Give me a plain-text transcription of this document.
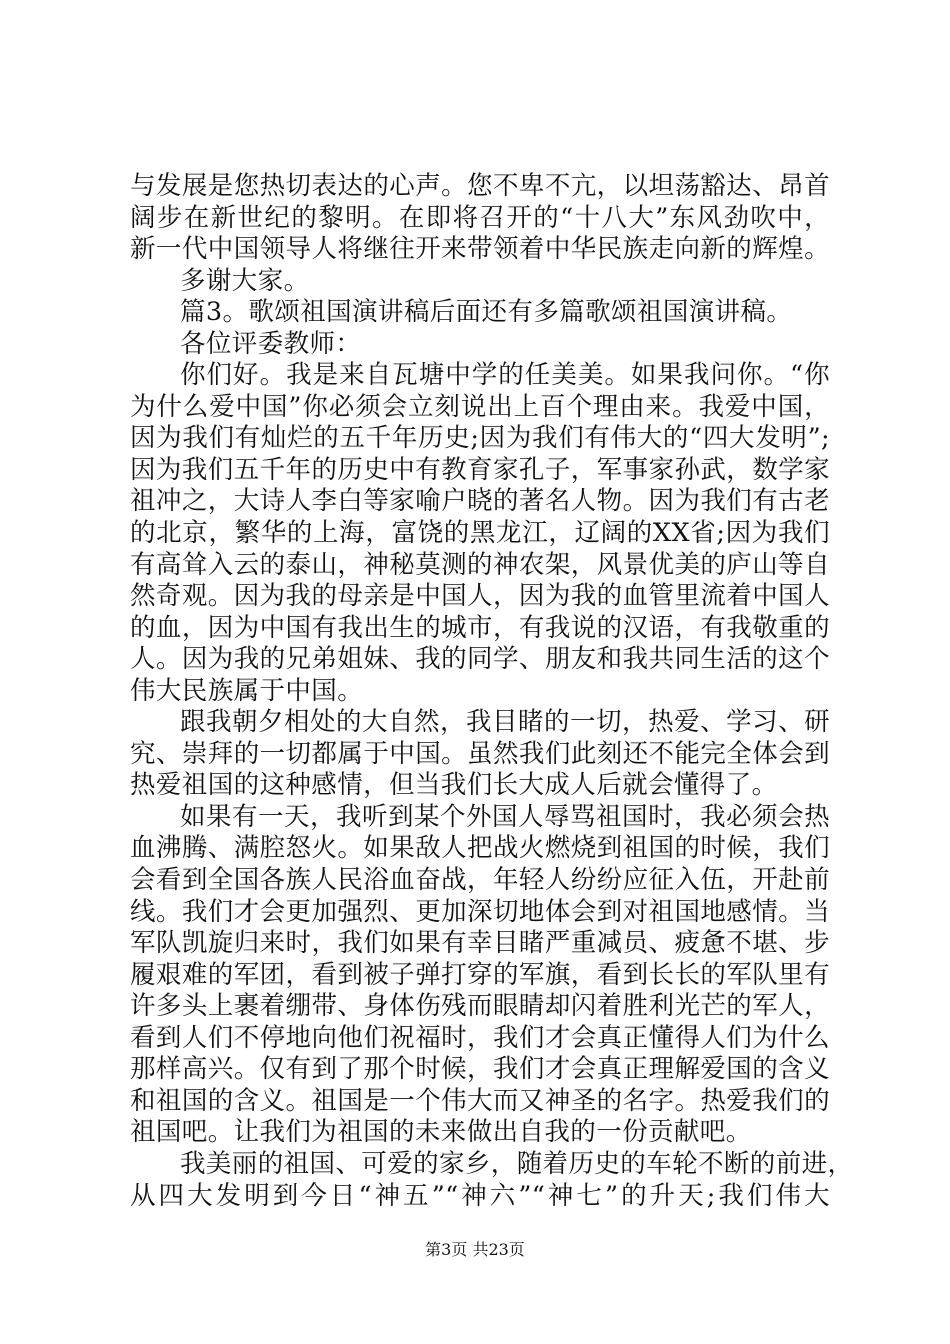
与发展是您热切表达的心声。您不卑不亢，以坦荡豁达、昂首
阔步在新世纪的黎明。在即将召开的“十八大”东风劲吹中，
新一代中国领导人将继往开来带领着中华民族走向新的辉煌。
多谢大家。
篇3。歌颂祖国演讲稿后面还有多篇歌颂祖国演讲稿。
各位评委教师：
你们好。我是来自瓦塘中学的任美美。如果我问你。“你
为什么爱中国”你必须会立刻说出上百个理由来。我爱中国，
因为我们有灿烂的五千年历史;因为我们有伟大的“四大发明”;
因为我们五千年的历史中有教育家孔子，军事家孙武，数学家
祖冲之，大诗人李白等家喻户晓的著名人物。因为我们有古老
的北京，繁华的上海，富饶的黑龙江，辽阔的XX省;因为我们
有高耸入云的泰山，神秘莫测的神农架，风景优美的庐山等自
然奇观。因为我的母亲是中国人，因为我的血管里流着中国人
的血，因为中国有我出生的城市，有我说的汉语，有我敬重的
人。因为我的兄弟姐妹、我的同学、朋友和我共同生活的这个
伟大民族属于中国。
跟我朝夕相处的大自然，我目睹的一切，热爱、学习、研
究、崇拜的一切都属于中国。虽然我们此刻还不能完全体会到
热爱祖国的这种感情，但当我们长大成人后就会懂得了。
如果有一天，我听到某个外国人辱骂祖国时，我必须会热
血沸腾、满腔怒火。如果敌人把战火燃烧到祖国的时候，我们
会看到全国各族人民浴血奋战，年轻人纷纷应征入伍，开赴前
线。我们才会更加强烈、更加深切地体会到对祖国地感情。当
军队凯旋归来时，我们如果有幸目睹严重减员、疲惫不堪、步
履艰难的军团，看到被子弹打穿的军旗，看到长长的军队里有
许多头上裹着绷带、身体伤残而眼睛却闪着胜利光芒的军人，
看到人们不停地向他们祝福时，我们才会真正懂得人们为什么
那样高兴。仅有到了那个时候，我们才会真正理解爱国的含义
和祖国的含义。祖国是一个伟大而又神圣的名字。热爱我们的
祖国吧。让我们为祖国的未来做出自我的一份贡献吧。
我美丽的祖国、可爱的家乡，随着历史的车轮不断的前进，
从四大发明到今日“神五”“神六”“神七”的升天;我们伟大
第3页 共23页
